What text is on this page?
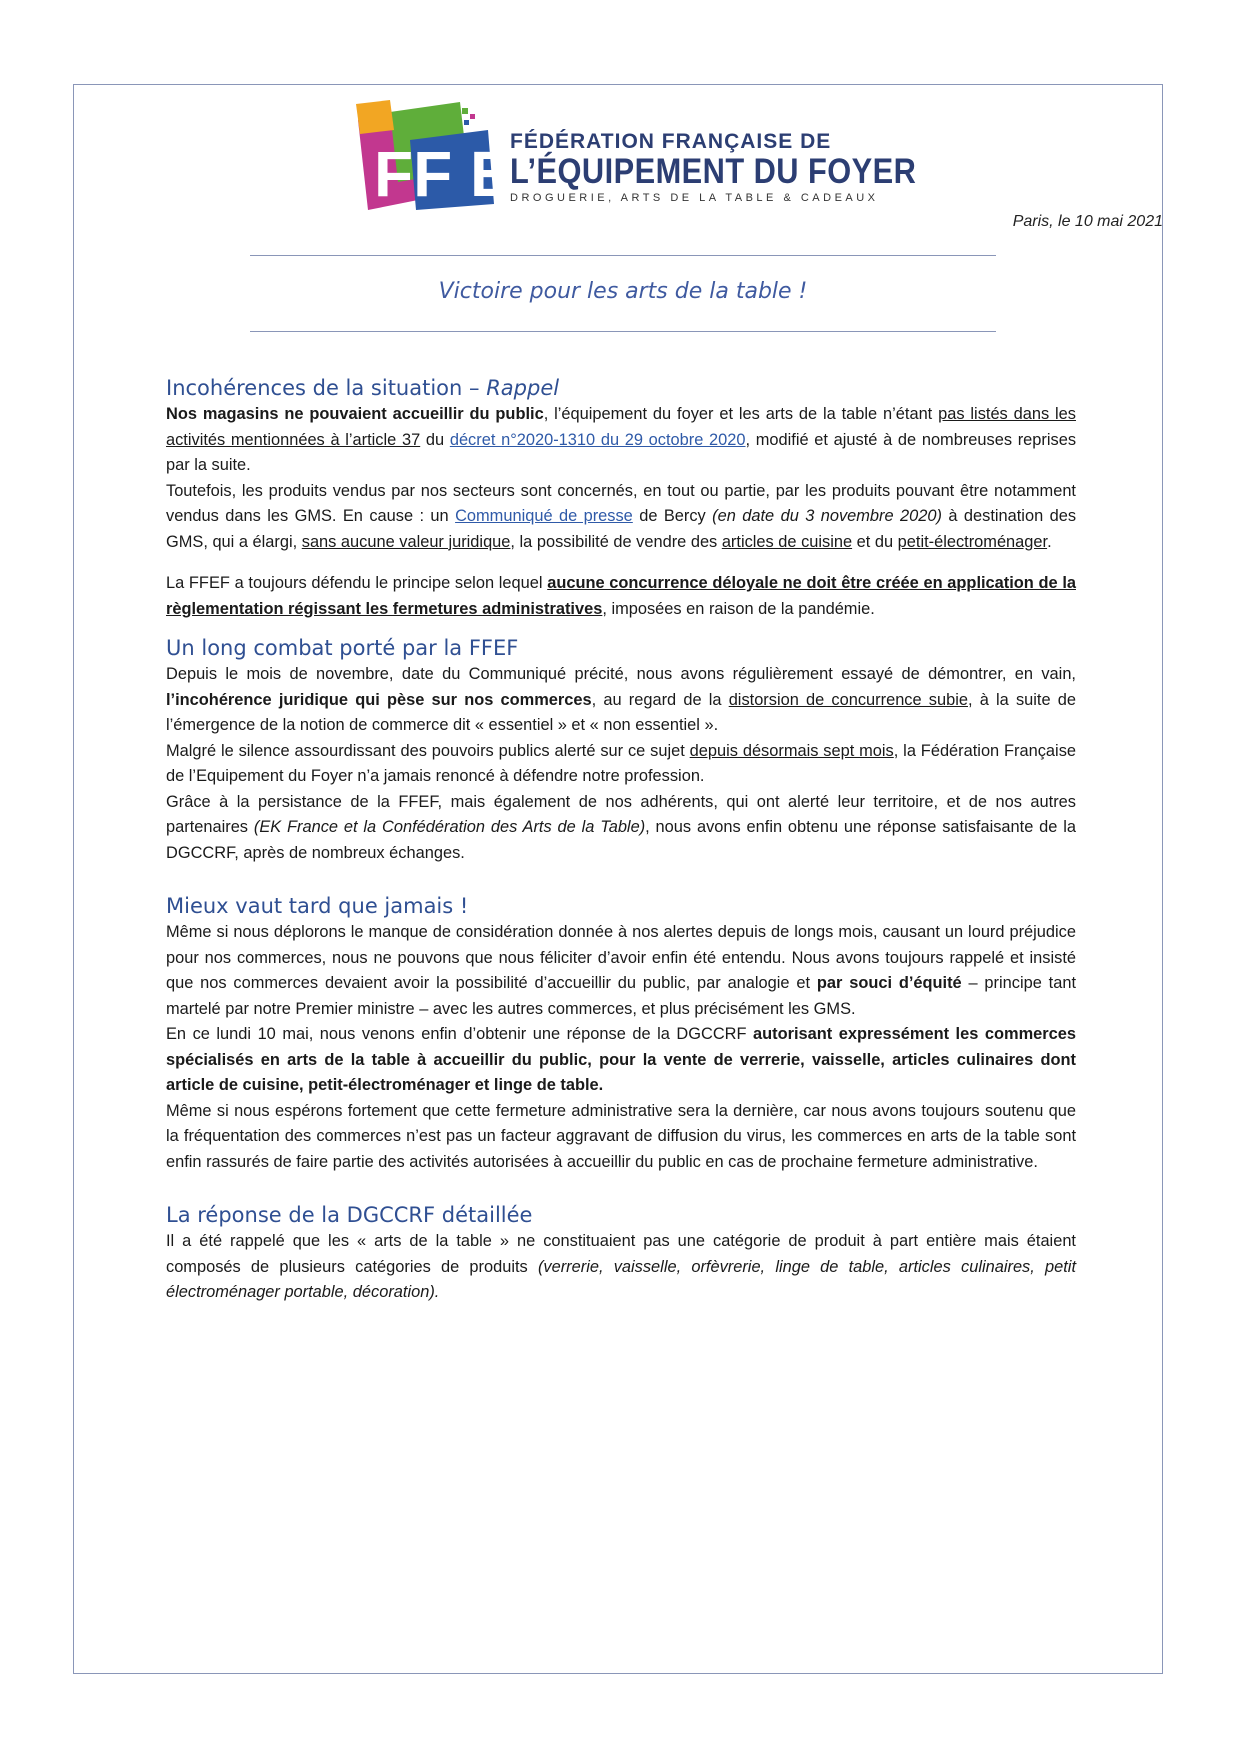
FF EF
FÉDÉRATION FRANÇAISE DE
L’ÉQUIPEMENT DU FOYER
DROGUERIE, ARTS DE LA TABLE & CADEAUX
Paris, le 10 mai 2021
Victoire pour les arts de la table !
Incohérences de la situation – Rappel

Nos magasins ne pouvaient accueillir du public, l’équipement du foyer et les arts de la table n’étant pas listés dans les activités mentionnées à l’article 37 du décret n°2020-1310 du 29 octobre 2020, modifié et ajusté à de nombreuses reprises par la suite.

Toutefois, les produits vendus par nos secteurs sont concernés, en tout ou partie, par les produits pouvant être notamment vendus dans les GMS. En cause : un Communiqué de presse de Bercy (en date du 3 novembre 2020) à destination des GMS, qui a élargi, sans aucune valeur juridique, la possibilité de vendre des articles de cuisine et du petit-électroménager.

La FFEF a toujours défendu le principe selon lequel aucune concurrence déloyale ne doit être créée en application de la règlementation régissant les fermetures administratives, imposées en raison de la pandémie.

Un long combat porté par la FFEF

Depuis le mois de novembre, date du Communiqué précité, nous avons régulièrement essayé de démontrer, en vain, l’incohérence juridique qui pèse sur nos commerces, au regard de la distorsion de concurrence subie, à la suite de l’émergence de la notion de commerce dit « essentiel » et « non essentiel ».

Malgré le silence assourdissant des pouvoirs publics alerté sur ce sujet depuis désormais sept mois, la Fédération Française de l’Equipement du Foyer n’a jamais renoncé à défendre notre profession.

Grâce à la persistance de la FFEF, mais également de nos adhérents, qui ont alerté leur territoire, et de nos autres partenaires (EK France et la Confédération des Arts de la Table), nous avons enfin obtenu une réponse satisfaisante de la DGCCRF, après de nombreux échanges.

Mieux vaut tard que jamais !

Même si nous déplorons le manque de considération donnée à nos alertes depuis de longs mois, causant un lourd préjudice pour nos commerces, nous ne pouvons que nous féliciter d’avoir enfin été entendu. Nous avons toujours rappelé et insisté que nos commerces devaient avoir la possibilité d’accueillir du public, par analogie et par souci d’équité – principe tant martelé par notre Premier ministre – avec les autres commerces, et plus précisément les GMS.

En ce lundi 10 mai, nous venons enfin d’obtenir une réponse de la DGCCRF autorisant expressément les commerces spécialisés en arts de la table à accueillir du public, pour la vente de verrerie, vaisselle, articles culinaires dont article de cuisine, petit-électroménager et linge de table.

Même si nous espérons fortement que cette fermeture administrative sera la dernière, car nous avons toujours soutenu que la fréquentation des commerces n’est pas un facteur aggravant de diffusion du virus, les commerces en arts de la table sont enfin rassurés de faire partie des activités autorisées à accueillir du public en cas de prochaine fermeture administrative.

La réponse de la DGCCRF détaillée

Il a été rappelé que les « arts de la table » ne constituaient pas une catégorie de produit à part entière mais étaient composés de plusieurs catégories de produits (verrerie, vaisselle, orfèvrerie, linge de table, articles culinaires, petit électroménager portable, décoration).
